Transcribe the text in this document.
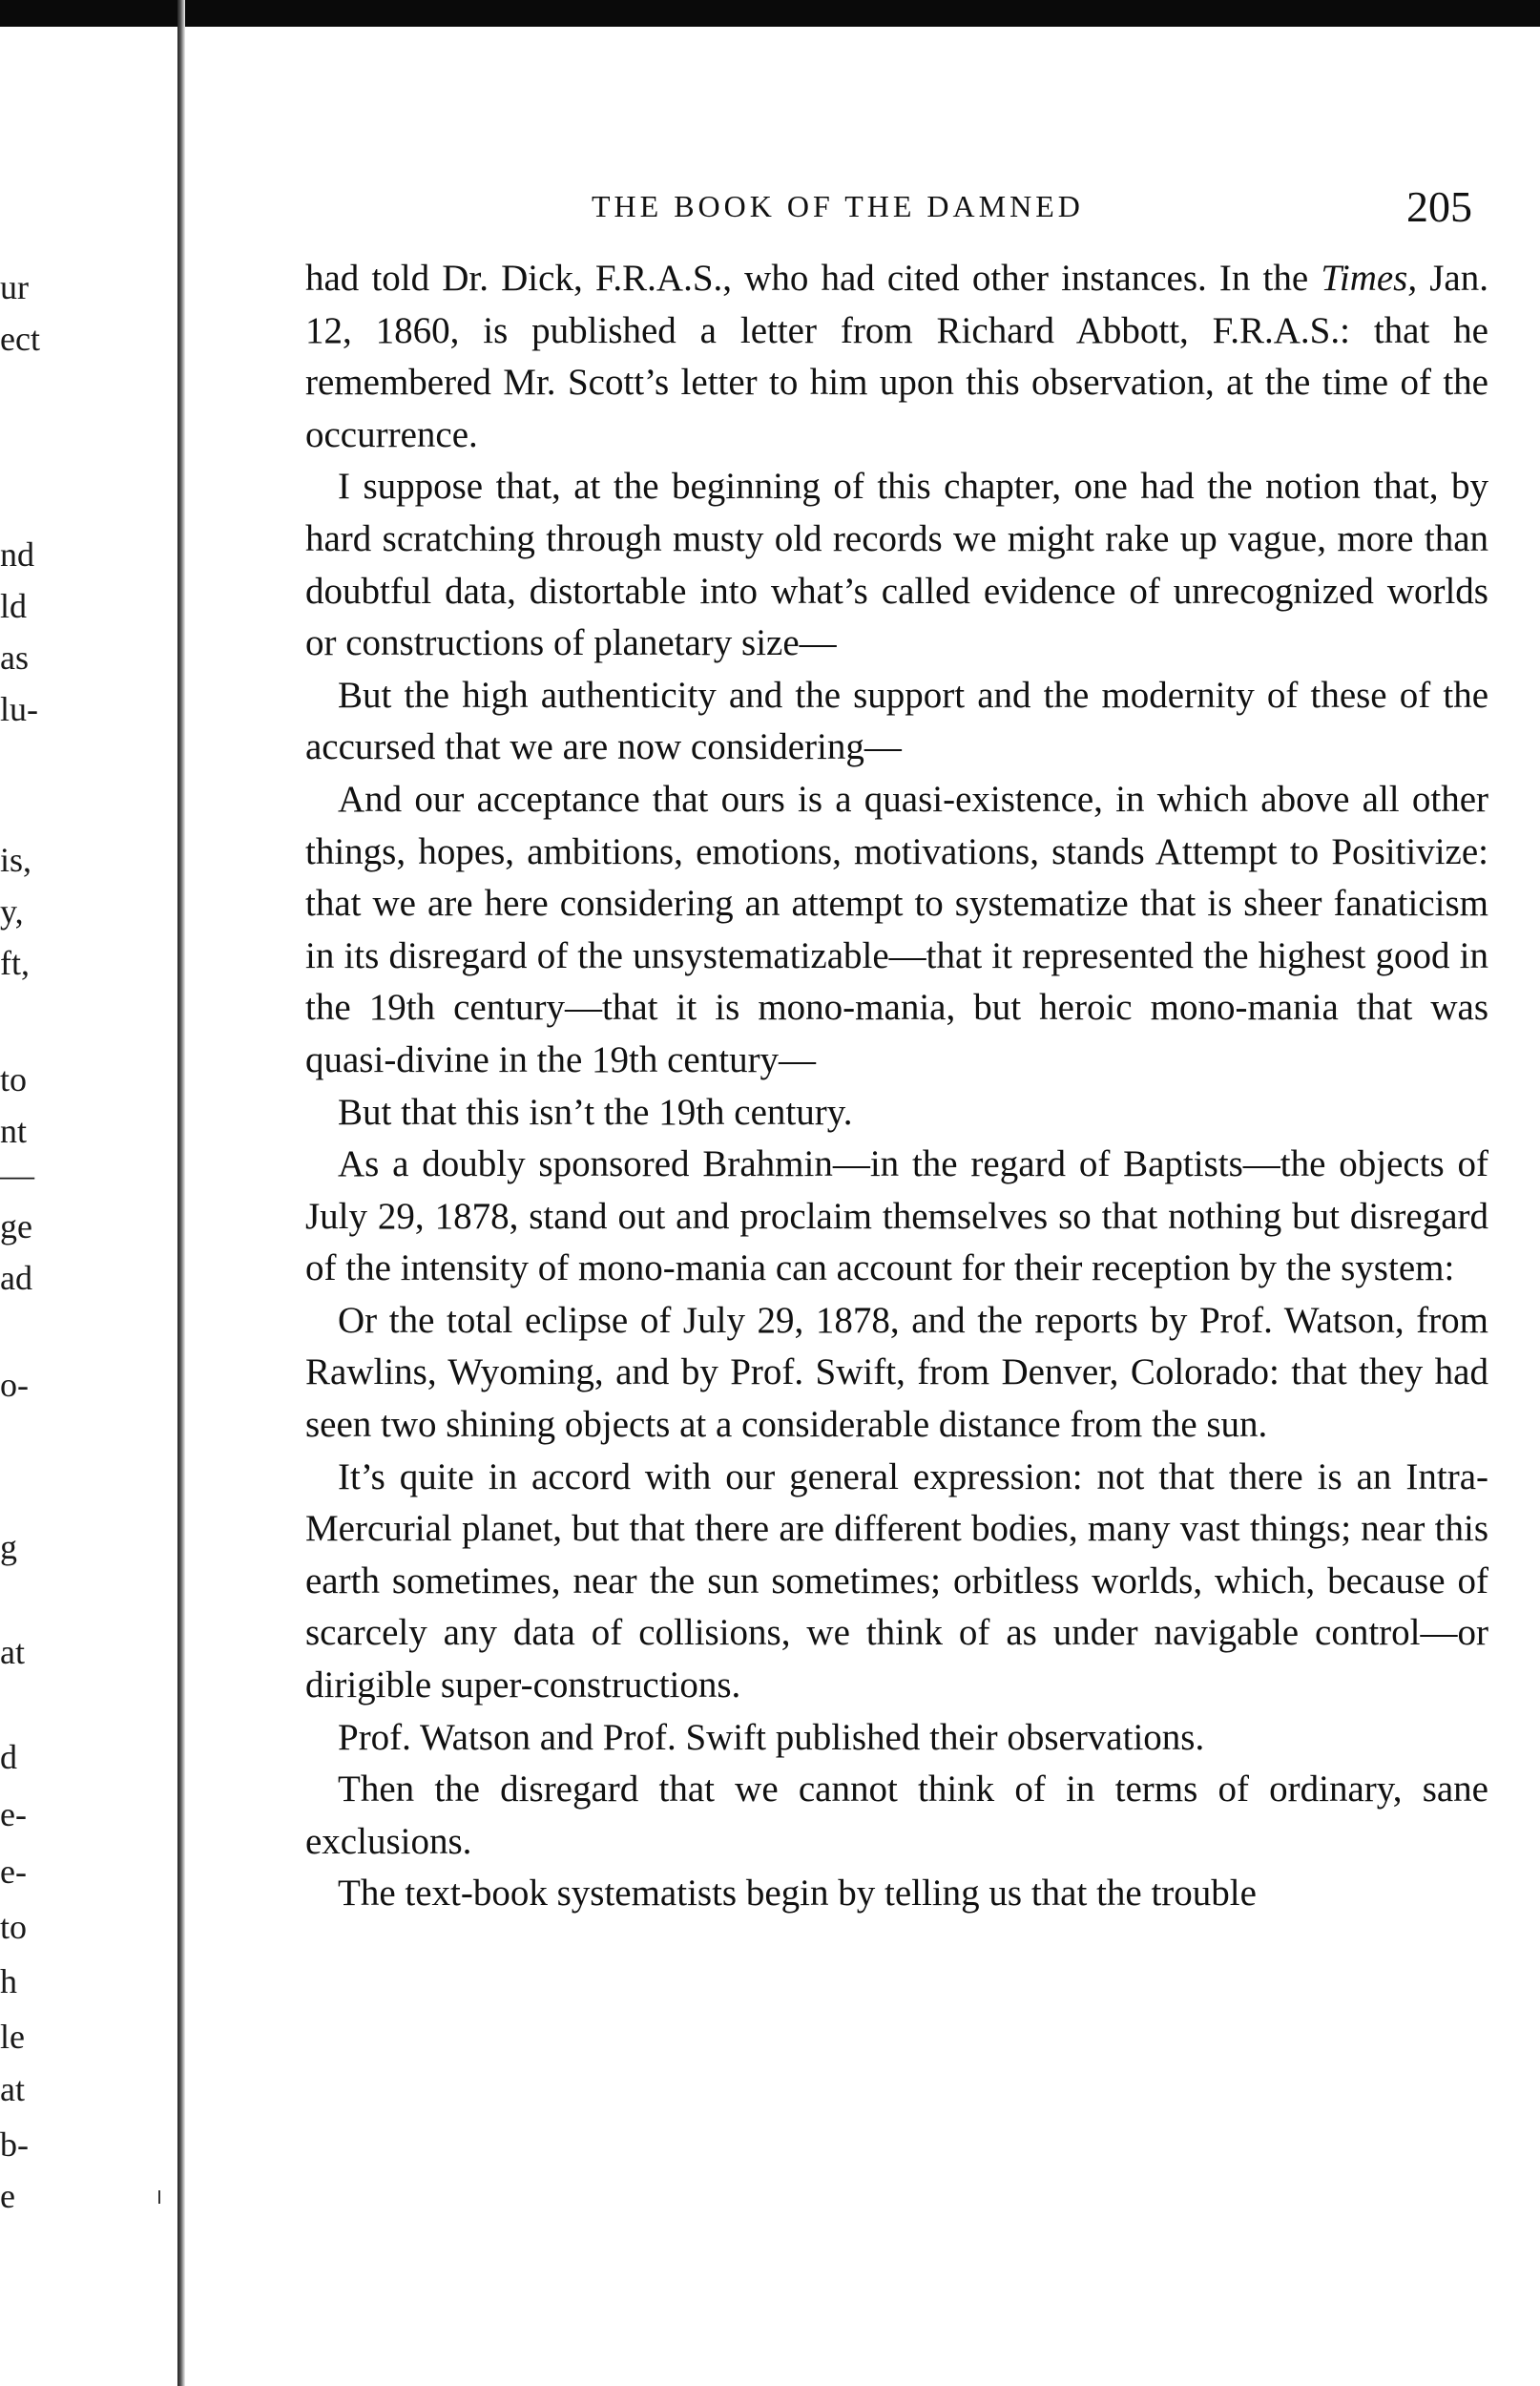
ur
ect
nd
ld
as
lu-
is,
y,
ft,
to
nt
—
ge
ad
o-
g
at
d
e-
e-
to
h
le
at
b-
e
THE BOOK OF THE DAMNED	205

had told Dr. Dick, F.R.A.S., who had cited other instances. In the Times, Jan. 12, 1860, is published a letter from Richard Abbott, F.R.A.S.: that he remembered Mr. Scott’s letter to him upon this observation, at the time of the occurrence.

I suppose that, at the beginning of this chapter, one had the notion that, by hard scratching through musty old records we might rake up vague, more than doubtful data, distortable into what’s called evidence of unrecognized worlds or constructions of planetary size—

But the high authenticity and the support and the modernity of these of the accursed that we are now considering—

And our acceptance that ours is a quasi-existence, in which above all other things, hopes, ambitions, emotions, motivations, stands Attempt to Positivize: that we are here considering an attempt to systematize that is sheer fanaticism in its disregard of the unsystematizable—that it represented the highest good in the 19th century—that it is mono-mania, but heroic mono-mania that was quasi-divine in the 19th century—

But that this isn’t the 19th century.

As a doubly sponsored Brahmin—in the regard of Baptists—the objects of July 29, 1878, stand out and proclaim themselves so that nothing but disregard of the intensity of mono-mania can account for their reception by the system:

Or the total eclipse of July 29, 1878, and the reports by Prof. Watson, from Rawlins, Wyoming, and by Prof. Swift, from Denver, Colorado: that they had seen two shining objects at a considerable distance from the sun.

It’s quite in accord with our general expression: not that there is an Intra-Mercurial planet, but that there are different bodies, many vast things; near this earth sometimes, near the sun sometimes; orbitless worlds, which, because of scarcely any data of collisions, we think of as under navigable control—or dirigible super-constructions.

Prof. Watson and Prof. Swift published their observations.

Then the disregard that we cannot think of in terms of ordinary, sane exclusions.

The text-book systematists begin by telling us that the trouble
